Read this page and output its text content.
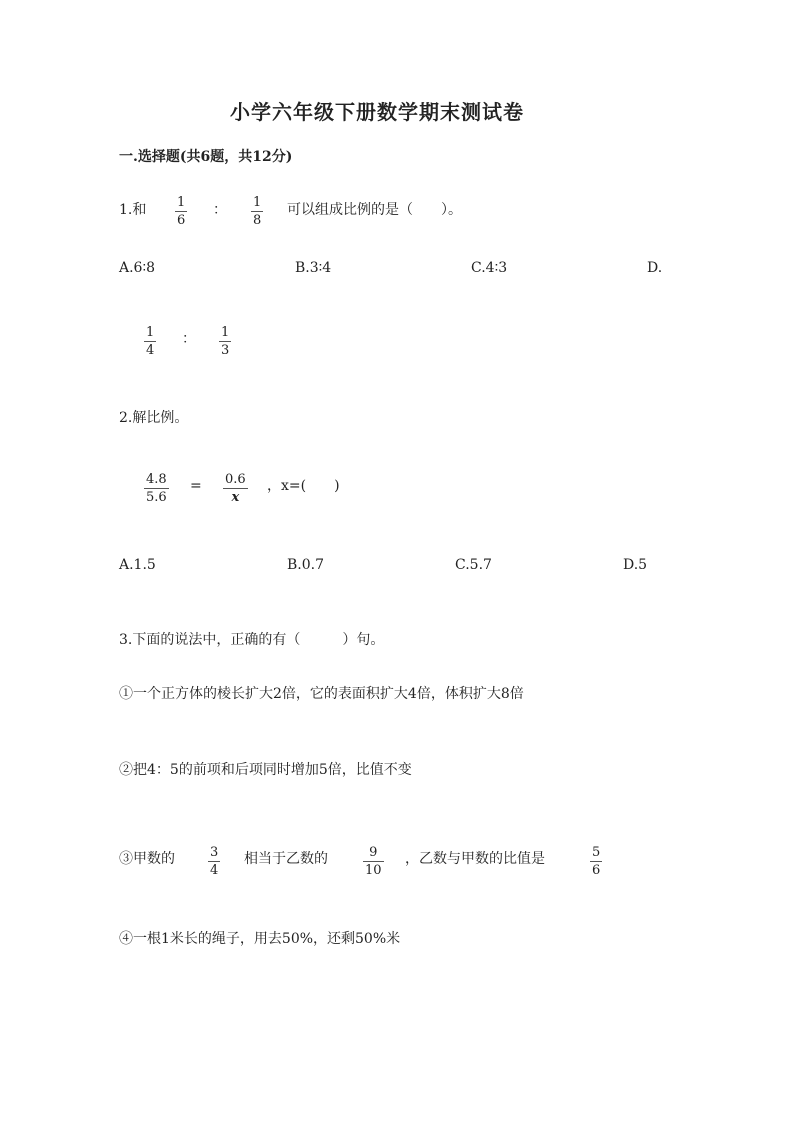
小学六年级下册数学期末测试卷
一.选择题(共6题，共12分)
1.和 1
6
： 1
8
可以组成比例的是（　　）。
A.6∶8	B.3∶4	C.4∶3	D.
1
4
： 1
3
2.解比例。
4.8
5.6
= 0.6
x
，x=(　　)
A.1.5	B.0.7	C.5.7	D.5
3.下面的说法中，正确的有（　　　）句。
①一个正方体的棱长扩大2倍，它的表面积扩大4倍，体积扩大8倍
②把4：5的前项和后项同时增加5倍，比值不变
③甲数的	3
4
相当于乙数的	9
10
，乙数与甲数的比值是	5
6
④一根1米长的绳子，用去50%，还剩50%米
